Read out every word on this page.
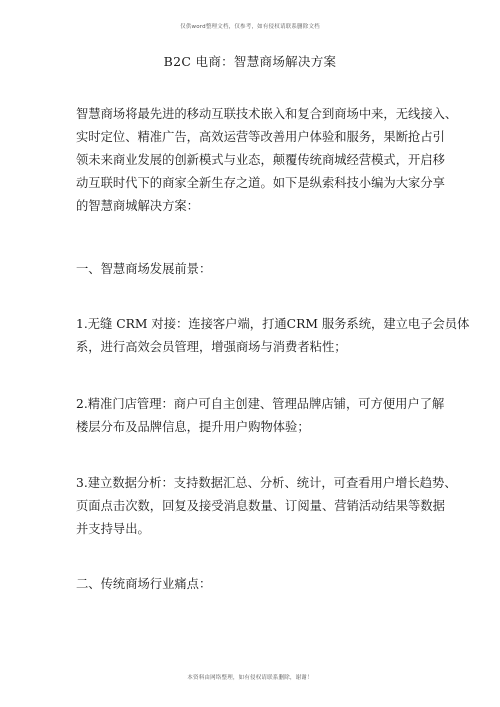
仅供word整理文档，仅参考，如有侵权请联系删除文档
B2C 电商：智慧商场解决方案
智慧商场将最先进的移动互联技术嵌入和复合到商场中来，无线接入、
实时定位、精准广告，高效运营等改善用户体验和服务，果断抢占引
领未来商业发展的创新模式与业态，颠覆传统商城经营模式，开启移
动互联时代下的商家全新生存之道。如下是纵索科技小编为大家分享
的智慧商城解决方案：
一、智慧商场发展前景：
1.无缝 CRM 对接：连接客户端，打通CRM 服务系统，建立电子会员体
系，进行高效会员管理，增强商场与消费者粘性；
2.精准门店管理：商户可自主创建、管理品牌店铺，可方便用户了解
楼层分布及品牌信息，提升用户购物体验；
3.建立数据分析：支持数据汇总、分析、统计，可查看用户增长趋势、
页面点击次数，回复及接受消息数量、订阅量、营销活动结果等数据
并支持导出。
二、传统商场行业痛点：
本资料由网络整理，如有侵权请联系删除，谢谢！
